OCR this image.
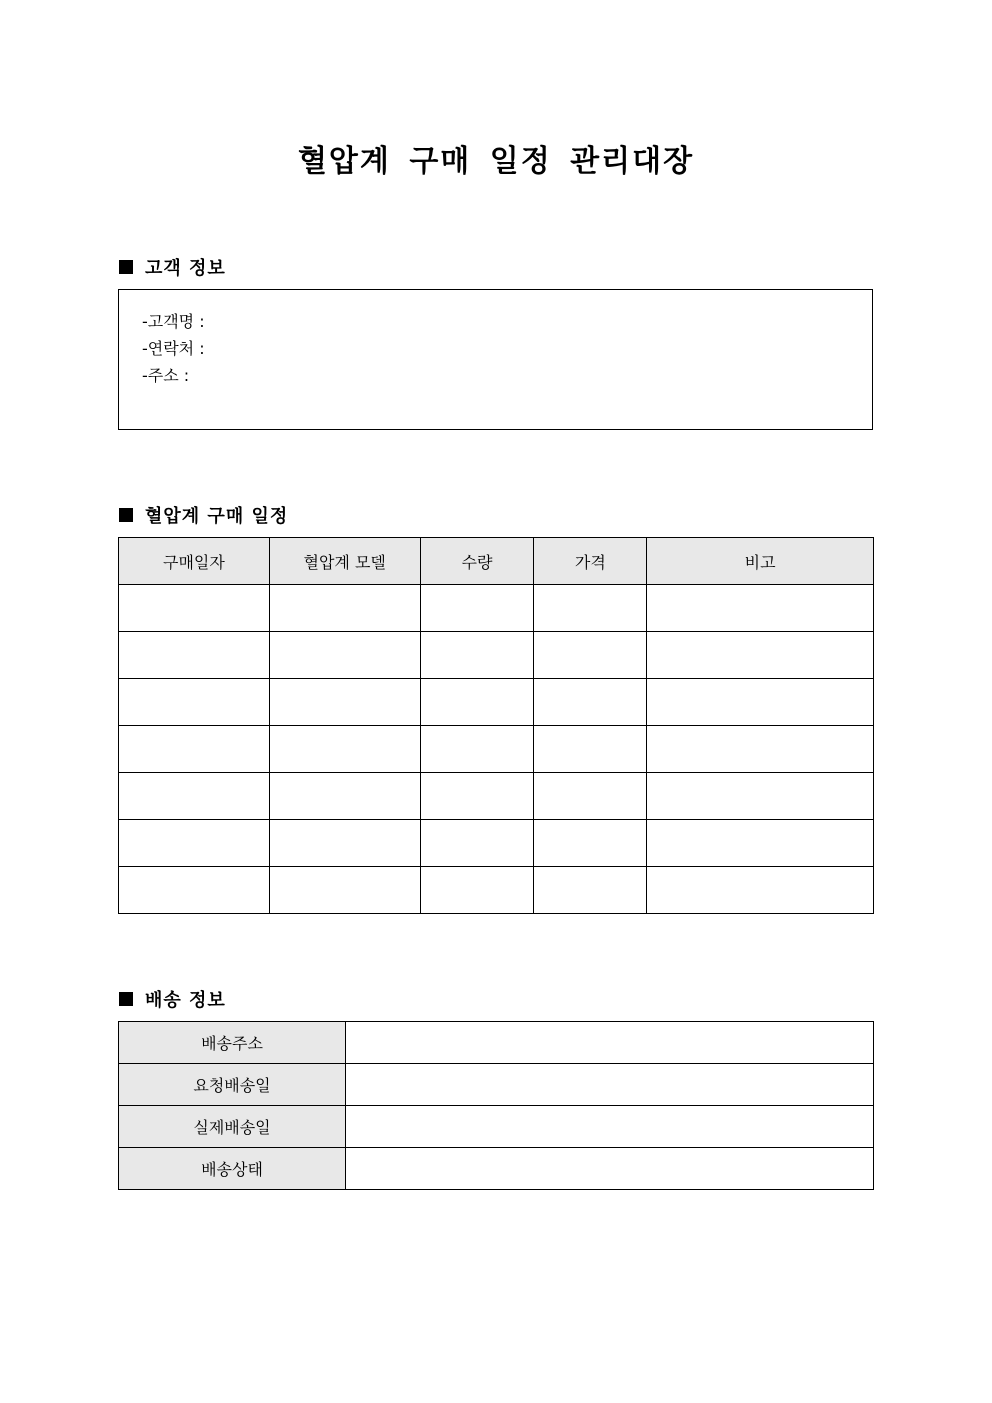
혈압계 구매 일정 관리대장
고객 정보
-고객명 :
-연락처 :
-주소 :
혈압계 구매 일정
구매일자	혈압계 모델	수량	가격	비고

배송 정보
배송주소	
요청배송일	
실제배송일	
배송상태	
